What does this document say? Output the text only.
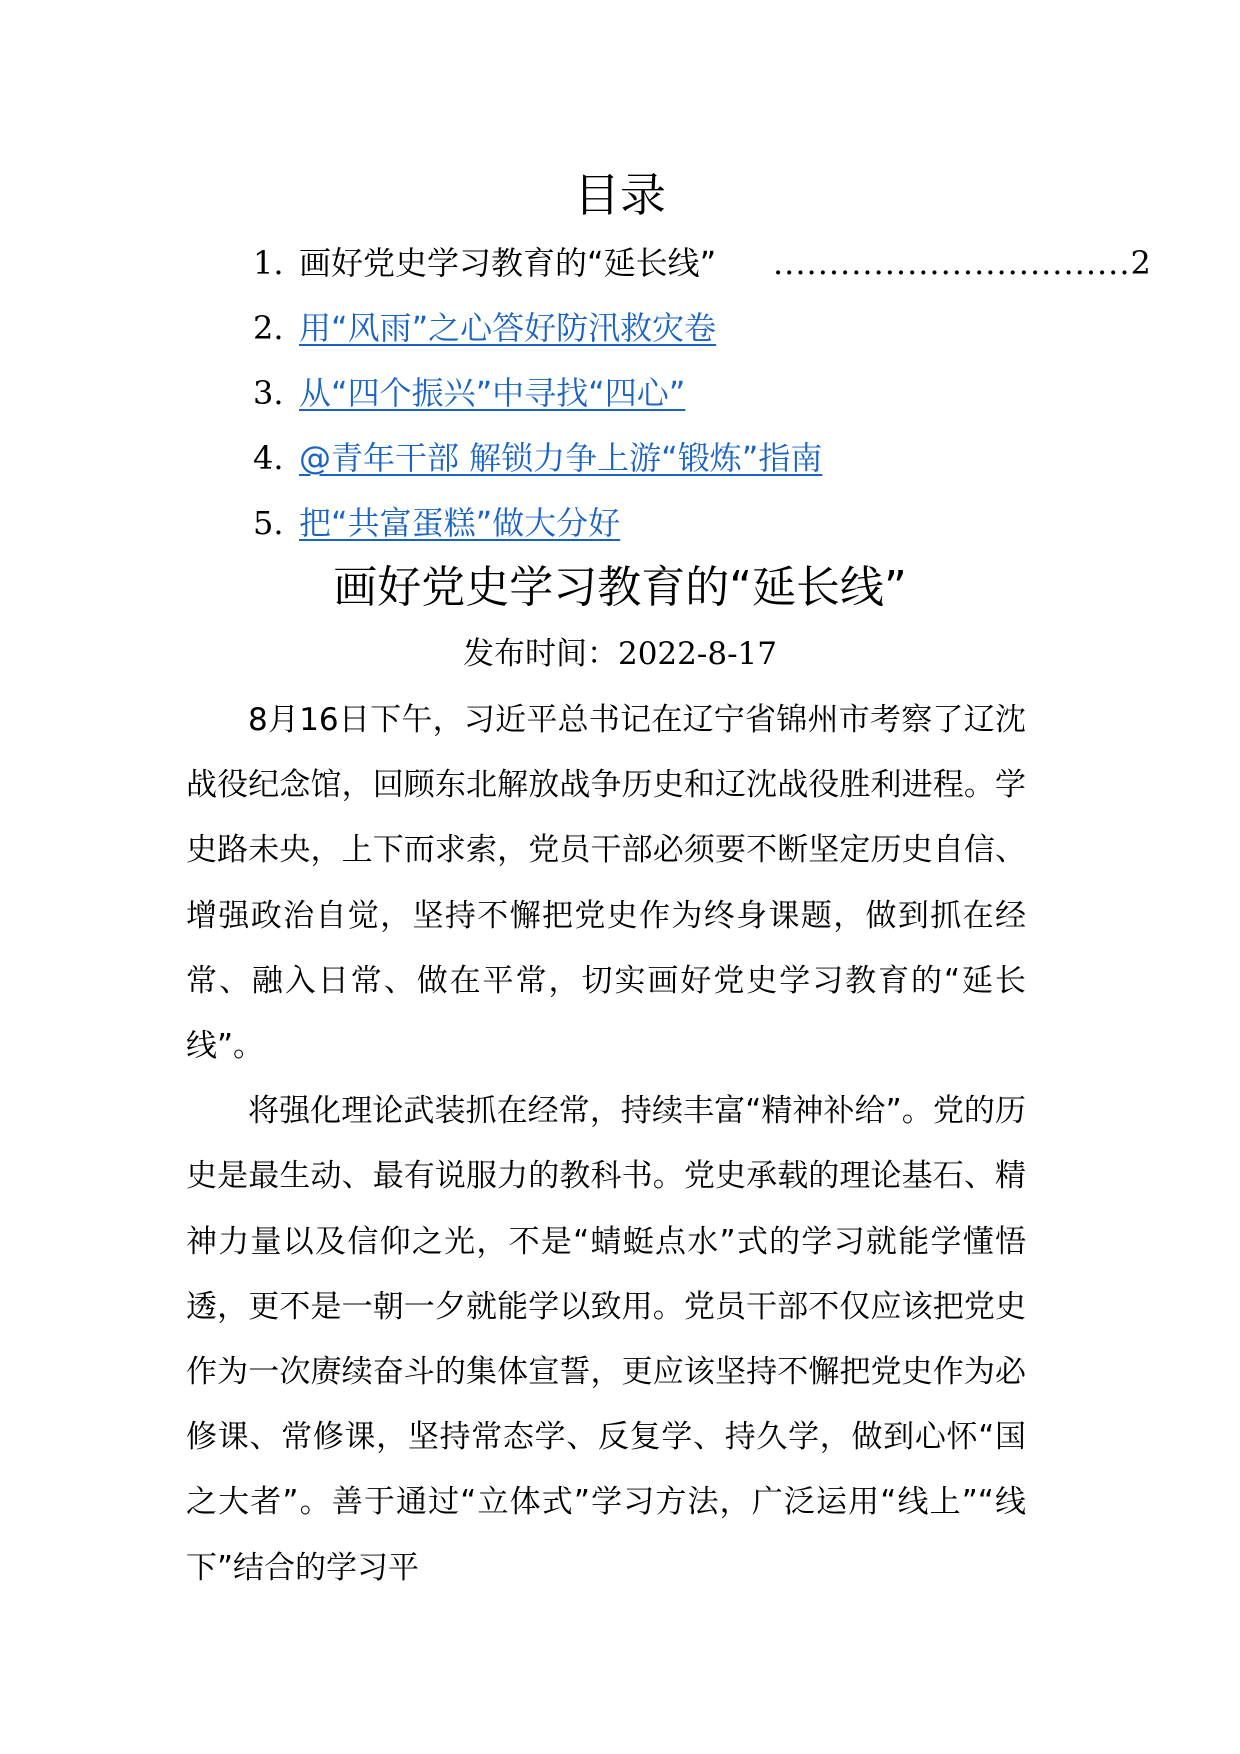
目录
1. 画好党史学习教育的“延长线” ................................2
2. 用“风雨”之心答好防汛救灾卷
3. 从“四个振兴”中寻找“四心”
4. @青年干部 解锁力争上游“锻炼”指南
5. 把“共富蛋糕”做大分好
画好党史学习教育的“延长线”
发布时间：2022-8-17

8月16日下午，习近平总书记在辽宁省锦州市考察了辽沈战役纪念馆，回顾东北解放战争历史和辽沈战役胜利进程。学史路未央，上下而求索，党员干部必须要不断坚定历史自信、增强政治自觉，坚持不懈把党史作为终身课题，做到抓在经常、融入日常、做在平常，切实画好党史学习教育的“延长线”。

将强化理论武装抓在经常，持续丰富“精神补给”。党的历史是最生动、最有说服力的教科书。党史承载的理论基石、精神力量以及信仰之光，不是“蜻蜓点水”式的学习就能学懂悟透，更不是一朝一夕就能学以致用。党员干部不仅应该把党史作为一次赓续奋斗的集体宣誓，更应该坚持不懈把党史作为必修课、常修课，坚持常态学、反复学、持久学，做到心怀“国之大者”。善于通过“立体式”学习方法，广泛运用“线上”“线下”结合的学习平
